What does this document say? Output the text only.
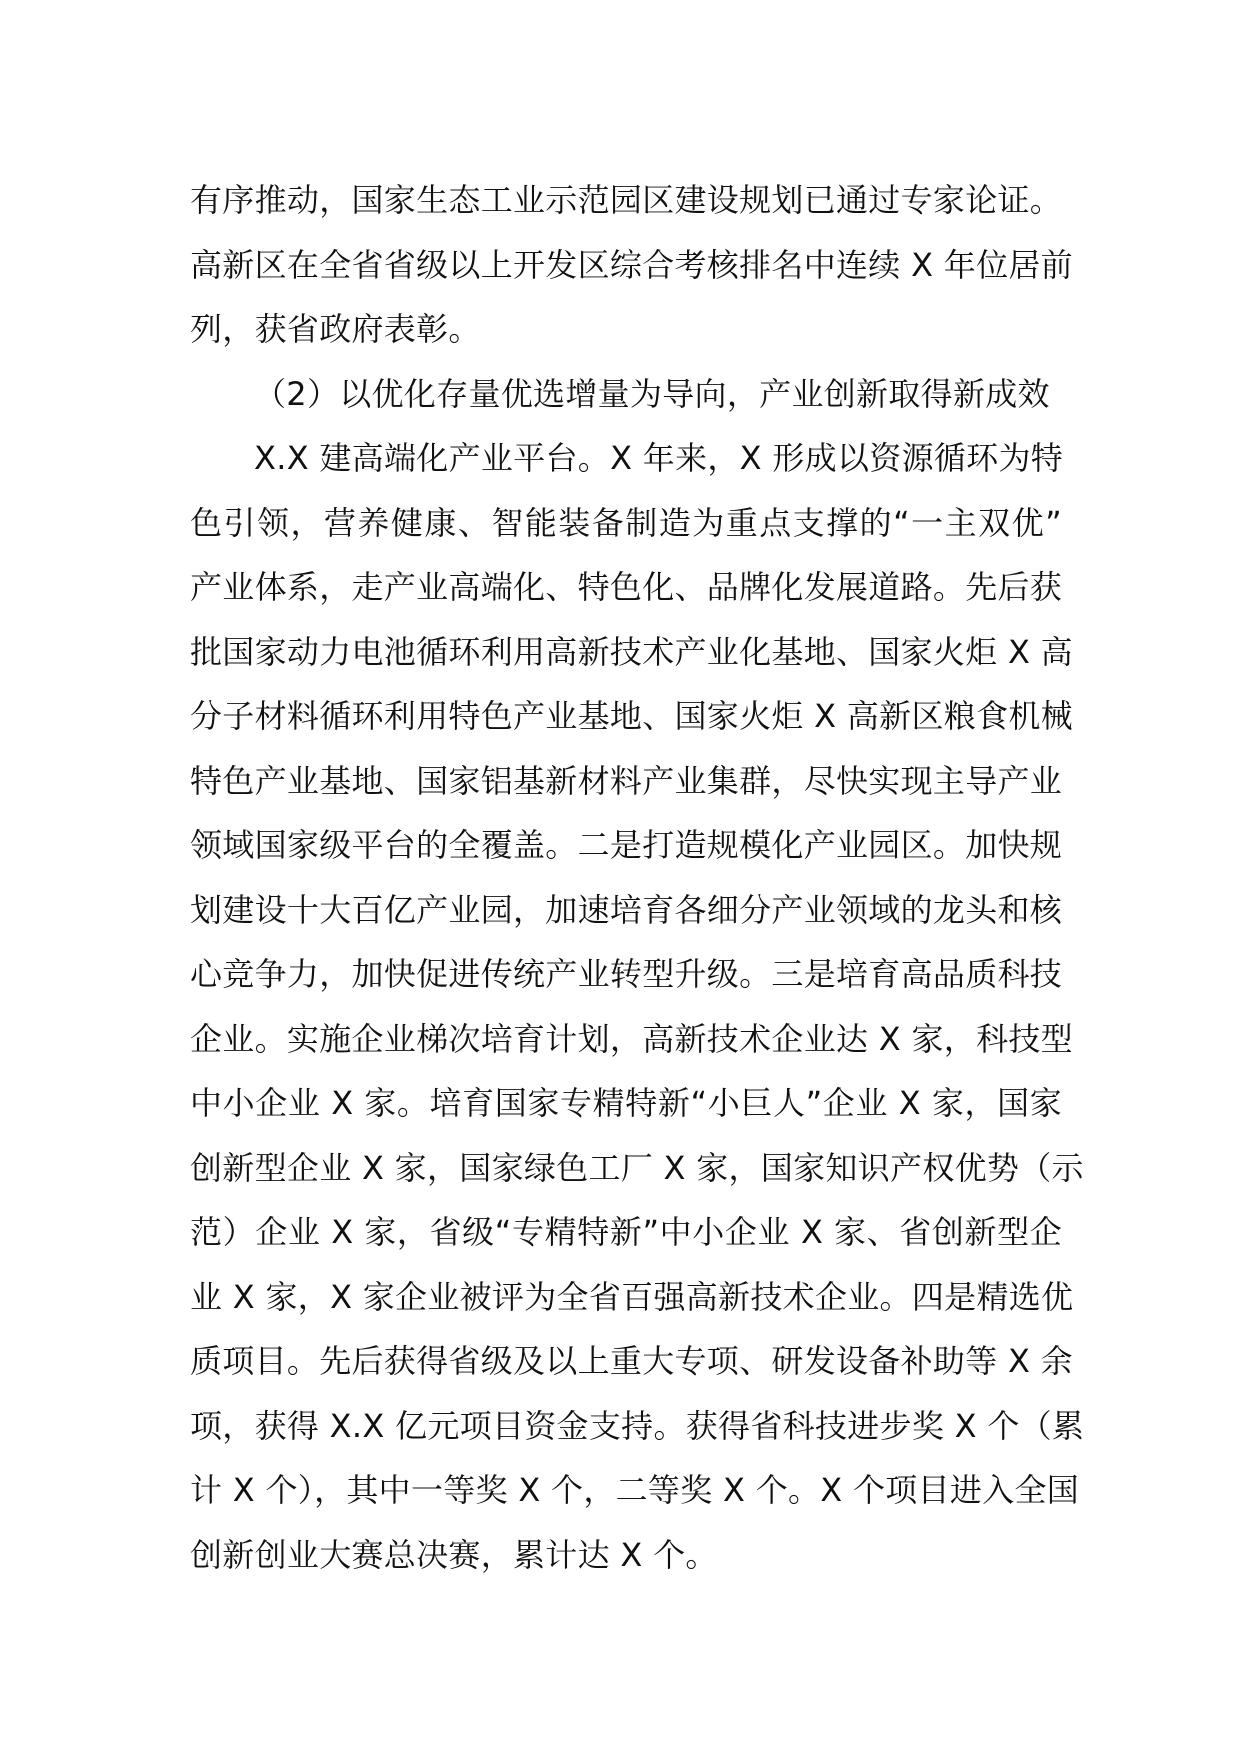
有序推动，国家生态工业示范园区建设规划已通过专家论证。
高新区在全省省级以上开发区综合考核排名中连续 X 年位居前
列，获省政府表彰。
（2）以优化存量优选增量为导向，产业创新取得新成效
X.X 建高端化产业平台。X 年来，X 形成以资源循环为特
色引领，营养健康、智能装备制造为重点支撑的“一主双优”
产业体系，走产业高端化、特色化、品牌化发展道路。先后获
批国家动力电池循环利用高新技术产业化基地、国家火炬 X 高
分子材料循环利用特色产业基地、国家火炬 X 高新区粮食机械
特色产业基地、国家铝基新材料产业集群，尽快实现主导产业
领域国家级平台的全覆盖。二是打造规模化产业园区。加快规
划建设十大百亿产业园，加速培育各细分产业领域的龙头和核
心竞争力，加快促进传统产业转型升级。三是培育高品质科技
企业。实施企业梯次培育计划，高新技术企业达 X 家，科技型
中小企业 X 家。培育国家专精特新“小巨人”企业 X 家，国家
创新型企业 X 家，国家绿色工厂 X 家，国家知识产权优势（示
范）企业 X 家，省级“专精特新”中小企业 X 家、省创新型企
业 X 家，X 家企业被评为全省百强高新技术企业。四是精选优
质项目。先后获得省级及以上重大专项、研发设备补助等 X 余
项，获得 X.X 亿元项目资金支持。获得省科技进步奖 X 个（累
计 X 个），其中一等奖 X 个，二等奖 X 个。X 个项目进入全国
创新创业大赛总决赛，累计达 X 个。
